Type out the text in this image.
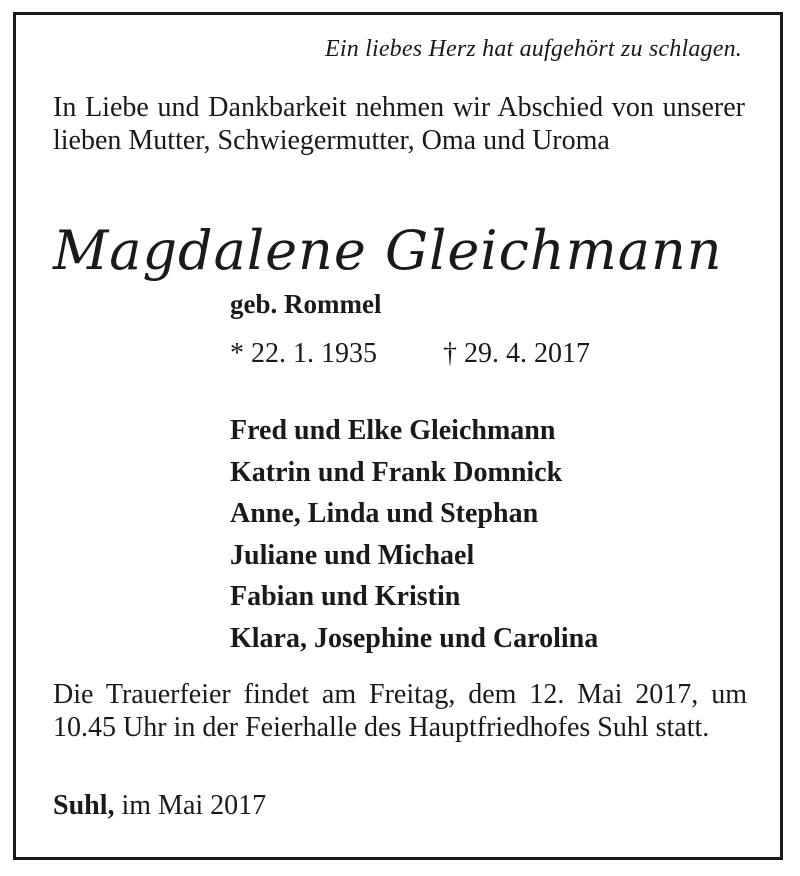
Ein liebes Herz hat aufgehört zu schlagen.
In Liebe und Dankbarkeit nehmen wir Abschied von unserer lieben Mutter, Schwiegermutter, Oma und Uroma
Magdalene Gleichmann
geb. Rommel
* 22. 1. 1935 † 29. 4. 2017
Fred und Elke Gleichmann
Katrin und Frank Domnick
Anne, Linda und Stephan
Juliane und Michael
Fabian und Kristin
Klara, Josephine und Carolina
Die Trauerfeier findet am Freitag, dem 12. Mai 2017, um 10.45 Uhr in der Feierhalle des Hauptfriedhofes Suhl statt.
Suhl, im Mai 2017
